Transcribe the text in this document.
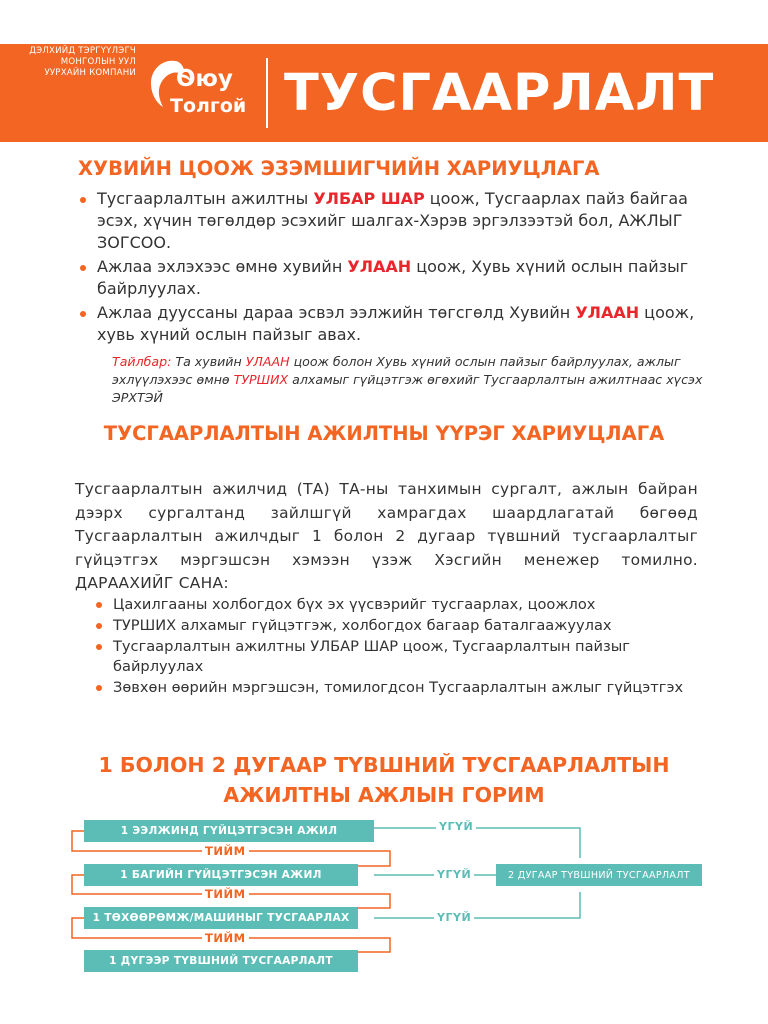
ДЭЛХИЙД ТЭРГҮҮЛЭГЧ
МОНГОЛЫН УУЛ
УУРХАЙН КОМПАНИ Оюу
Толгой ТУСГААРЛАЛТ
ХУВИЙН ЦООЖ ЭЗЭМШИГЧИЙН ХАРИУЦЛАГА
Тусгаарлалтын ажилтны УЛБАР ШАР цоож, Тусгаарлах пайз байгаа эсэх, хүчин төгөлдөр эсэхийг шалгах-Хэрэв эргэлзээтэй бол, АЖЛЫГ ЗОГСОО.
Ажлаа эхлэхээс өмнө хувийн УЛААН цоож, Хувь хүний ослын пайзыг байрлуулах.
Ажлаа дууссаны дараа эсвэл ээлжийн төгсгөлд Хувийн УЛААН цоож, хувь хүний ослын пайзыг авах.
Тайлбар: Та хувийн УЛААН цоож болон Хувь хүний ослын пайзыг байрлуулах, ажлыг эхлүүлэхээс өмнө ТУРШИХ алхамыг гүйцэтгэж өгөхийг Тусгаарлалтын ажилтнаас хүсэх ЭРХТЭЙ
ТУСГААРЛАЛТЫН АЖИЛТНЫ ҮҮРЭГ ХАРИУЦЛАГА
Тусгаарлалтын ажилчид (ТА) ТА-ны танхимын сургалт, ажлын байран дээрх сургалтанд зайлшгүй хамрагдах шаардлагатай бөгөөд Тусгаарлалтын ажилчдыг 1 болон 2 дугаар түвшний тусгаарлалтыг гүйцэтгэх мэргэшсэн хэмээн үзэж Хэсгийн менежер томилно. ДАРААХИЙГ САНА:
Цахилгааны холбогдох бүх эх үүсвэрийг тусгаарлах, цоожлох
ТУРШИХ алхамыг гүйцэтгэж, холбогдох багаар баталгаажуулах
Тусгаарлалтын ажилтны УЛБАР ШАР цоож, Тусгаарлалтын пайзыг байрлуулах
Зөвхөн өөрийн мэргэшсэн, томилогдсон Тусгаарлалтын ажлыг гүйцэтгэх
1 БОЛОН 2 ДУГААР ТҮВШНИЙ ТУСГААРЛАЛТЫН АЖИЛТНЫ АЖЛЫН ГОРИМ
1 ЭЭЛЖИНД ГҮЙЦЭТГЭСЭН АЖИЛ
1 БАГИЙН ГҮЙЦЭТГЭСЭН АЖИЛ
1 ТӨХӨӨРӨМЖ/МАШИНЫГ ТУСГААРЛАХ
1 ДҮГЭЭР ТҮВШНИЙ ТУСГААРЛАЛТ
2 ДУГААР ТҮВШНИЙ ТУСГААРЛАЛТ
ТИЙМ
ТИЙМ
ТИЙМ
ҮГҮЙ
ҮГҮЙ
ҮГҮЙ
